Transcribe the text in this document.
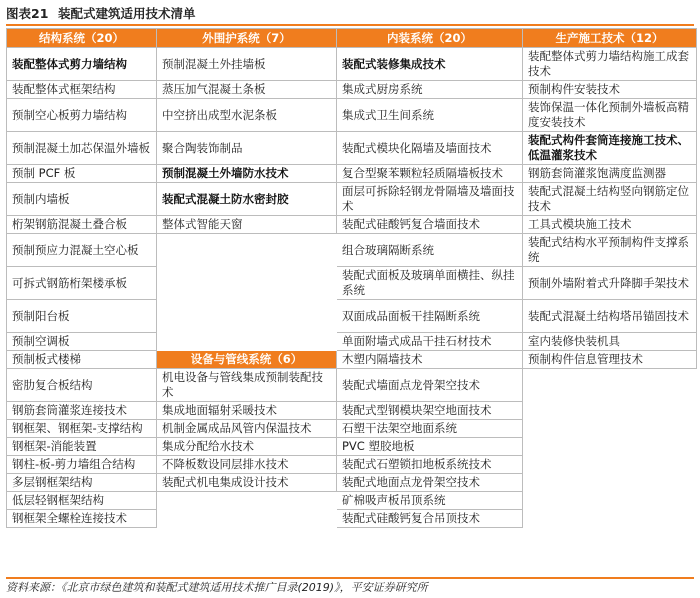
图表21 装配式建筑适用技术清单
结构系统（20）	外围护系统（7）	内装系统（20）	生产施工技术（12）
装配整体式剪力墙结构	预制混凝土外挂墙板	装配式装修集成技术	装配整体式剪力墙结构施工成套技术
装配整体式框架结构	蒸压加气混凝土条板	集成式厨房系统	预制构件安装技术
预制空心板剪力墙结构	中空挤出成型水泥条板	集成式卫生间系统	装饰保温一体化预制外墙板高精度安装技术
预制混凝土加芯保温外墙板	聚合陶装饰制品	装配式模块化隔墙及墙面技术	装配式构件套筒连接施工技术、低温灌浆技术
预制 PCF 板	预制混凝土外墙防水技术	复合型聚苯颗粒轻质隔墙板技术	钢筋套筒灌浆饱满度监测器
预制内墙板	装配式混凝土防水密封胶	面层可拆除轻钢龙骨隔墙及墙面技术	装配式混凝土结构竖向钢筋定位技术
桁架钢筋混凝土叠合板	整体式智能天窗	装配式硅酸钙复合墙面技术	工具式模块施工技术
预制预应力混凝土空心板		组合玻璃隔断系统	装配式结构水平预制构件支撑系统
可拆式钢筋桁架楼承板		装配式面板及玻璃单面横挂、纵挂系统	预制外墙附着式升降脚手架技术
预制阳台板		双面成品面板干挂隔断系统	装配式混凝土结构塔吊锚固技术
预制空调板		单面附墙式成品干挂石材技术	室内装修快装机具
预制板式楼梯	设备与管线系统（6）	木塑内隔墙技术	预制构件信息管理技术
密肋复合板结构	机电设备与管线集成预制装配技术	装配式墙面点龙骨架空技术	
钢筋套筒灌浆连接技术	集成地面辐射采暖技术	装配式型钢模块架空地面技术	
钢框架、钢框架-支撑结构	机制金属成品风管内保温技术	石塑干法架空地面系统	
钢框架-消能装置	集成分配给水技术	PVC 塑胶地板	
钢柱-板-剪力墙组合结构	不降板数设同层排水技术	装配式石塑锁扣地板系统技术	
多层钢框架结构	装配式机电集成设计技术	装配式地面点龙骨架空技术	
低层轻钢框架结构		矿棉吸声板吊顶系统	
钢框架全螺栓连接技术		装配式硅酸钙复合吊顶技术	
资料来源：《北京市绿色建筑和装配式建筑适用技术推广目录(2019)》，平安证券研究所
